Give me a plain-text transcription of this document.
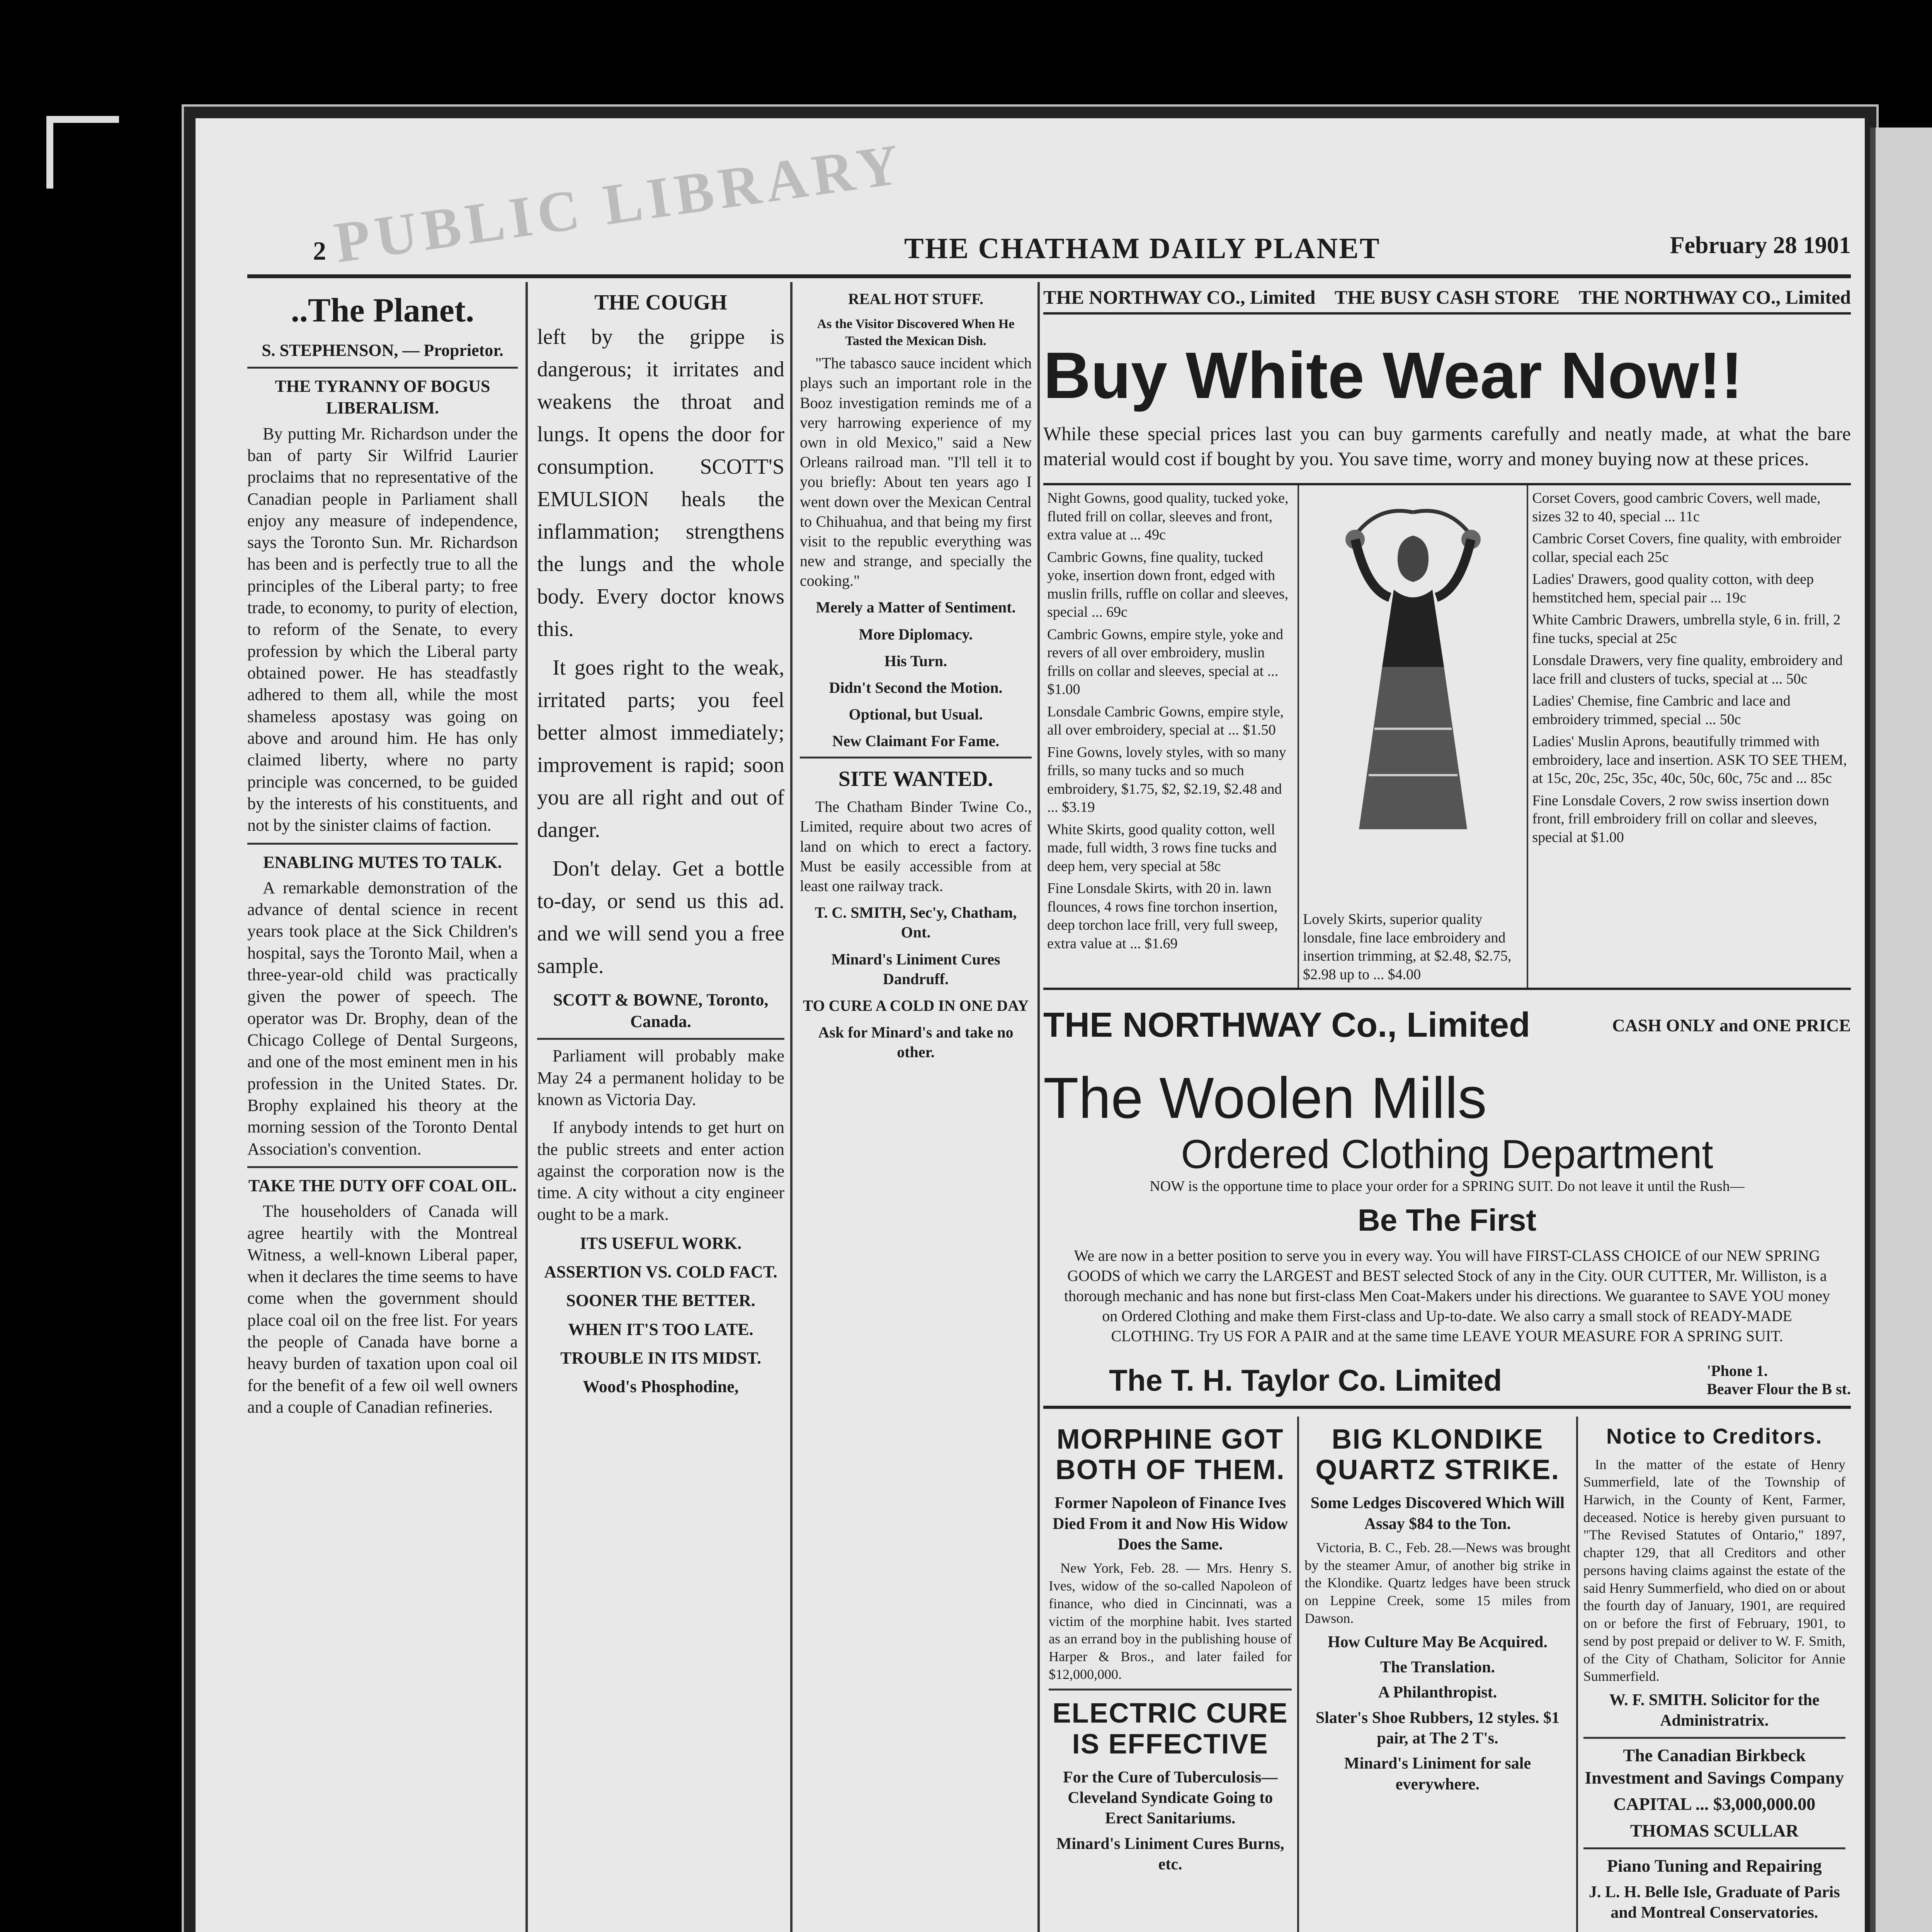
PUBLIC LIBRARY
2	THE CHATHAM DAILY PLANET	February 28 1901
..The Planet.
S. STEPHENSON, — Proprietor.
THE TYRANNY OF BOGUS LIBERALISM.

By putting Mr. Richardson under the ban of party Sir Wilfrid Laurier proclaims that no representative of the Canadian people in Parliament shall enjoy any measure of independence, says the Toronto Sun. Mr. Richardson has been and is perfectly true to all the principles of the Liberal party; to free trade, to economy, to purity of election, to reform of the Senate, to every profession by which the Liberal party obtained power. He has steadfastly adhered to them all, while the most shameless apostasy was going on above and around him. He has only claimed liberty, where no party principle was concerned, to be guided by the interests of his constituents, and not by the sinister claims of faction.

ENABLING MUTES TO TALK.

A remarkable demonstration of the advance of dental science in recent years took place at the Sick Children's hospital, says the Toronto Mail, when a three-year-old child was practically given the power of speech. The operator was Dr. Brophy, dean of the Chicago College of Dental Surgeons, and one of the most eminent men in his profession in the United States. Dr. Brophy explained his theory at the morning session of the Toronto Dental Association's convention.

TAKE THE DUTY OFF COAL OIL.

The householders of Canada will agree heartily with the Montreal Witness, a well-known Liberal paper, when it declares the time seems to have come when the government should place coal oil on the free list. For years the people of Canada have borne a heavy burden of taxation upon coal oil for the benefit of a few oil well owners and a couple of Canadian refineries.

THE COUGH

left by the grippe is dangerous; it irritates and weakens the throat and lungs. It opens the door for consumption. SCOTT'S EMULSION heals the inflammation; strengthens the lungs and the whole body. Every doctor knows this.

It goes right to the weak, irritated parts; you feel better almost immediately; improvement is rapid; soon you are all right and out of danger.

Don't delay. Get a bottle to-day, or send us this ad. and we will send you a free sample.

SCOTT & BOWNE, Toronto, Canada.

Parliament will probably make May 24 a permanent holiday to be known as Victoria Day.

If anybody intends to get hurt on the public streets and enter action against the corporation now is the time. A city without a city engineer ought to be a mark.

ITS USEFUL WORK.
ASSERTION VS. COLD FACT.
SOONER THE BETTER.
WHEN IT'S TOO LATE.
TROUBLE IN ITS MIDST.
Wood's Phosphodine,
REAL HOT STUFF.
As the Visitor Discovered When He Tasted the Mexican Dish.

"The tabasco sauce incident which plays such an important role in the Booz investigation reminds me of a very harrowing experience of my own in old Mexico," said a New Orleans railroad man. "I'll tell it to you briefly: About ten years ago I went down over the Mexican Central to Chihuahua, and that being my first visit to the republic everything was new and strange, and specially the cooking."

Merely a Matter of Sentiment.
More Diplomacy.
His Turn.
Didn't Second the Motion.
Optional, but Usual.
New Claimant For Fame.
SITE WANTED.

The Chatham Binder Twine Co., Limited, require about two acres of land on which to erect a factory. Must be easily accessible from at least one railway track.

T. C. SMITH, Sec'y, Chatham, Ont.
Minard's Liniment Cures Dandruff.
TO CURE A COLD IN ONE DAY
Ask for Minard's and take no other.
THE NORTHWAY CO., Limited THE BUSY CASH STORE THE NORTHWAY CO., Limited
Buy White Wear Now!!
While these special prices last you can buy garments carefully and neatly made, at what the bare material would cost if bought by you. You save time, worry and money buying now at these prices.
Night Gowns, good quality, tucked yoke, fluted frill on collar, sleeves and front, extra value at ... 49c
Cambric Gowns, fine quality, tucked yoke, insertion down front, edged with muslin frills, ruffle on collar and sleeves, special ... 69c
Cambric Gowns, empire style, yoke and revers of all over embroidery, muslin frills on collar and sleeves, special at ... $1.00
Lonsdale Cambric Gowns, empire style, all over embroidery, special at ... $1.50
Fine Gowns, lovely styles, with so many frills, so many tucks and so much embroidery, $1.75, $2, $2.19, $2.48 and ... $3.19
White Skirts, good quality cotton, well made, full width, 3 rows fine tucks and deep hem, very special at 58c
Fine Lonsdale Skirts, with 20 in. lawn flounces, 4 rows fine torchon insertion, deep torchon lace frill, very full sweep, extra value at ... $1.69
Lovely Skirts, superior quality lonsdale, fine lace embroidery and insertion trimming, at $2.48, $2.75, $2.98 up to ... $4.00
Corset Covers, good cambric Covers, well made, sizes 32 to 40, special ... 11c
Cambric Corset Covers, fine quality, with embroider collar, special each 25c
Ladies' Drawers, good quality cotton, with deep hemstitched hem, special pair ... 19c
White Cambric Drawers, umbrella style, 6 in. frill, 2 fine tucks, special at 25c
Lonsdale Drawers, very fine quality, embroidery and lace frill and clusters of tucks, special at ... 50c
Ladies' Chemise, fine Cambric and lace and embroidery trimmed, special ... 50c
Ladies' Muslin Aprons, beautifully trimmed with embroidery, lace and insertion. ASK TO SEE THEM, at 15c, 20c, 25c, 35c, 40c, 50c, 60c, 75c and ... 85c
Fine Lonsdale Covers, 2 row swiss insertion down front, frill embroidery frill on collar and sleeves, special at $1.00
THE NORTHWAY Co., Limited	CASH ONLY and ONE PRICE
The Woolen Mills
Ordered Clothing Department
NOW is the opportune time to place your order for a SPRING SUIT. Do not leave it until the Rush—
Be The First
We are now in a better position to serve you in every way. You will have FIRST-CLASS CHOICE of our NEW SPRING GOODS of which we carry the LARGEST and BEST selected Stock of any in the City. OUR CUTTER, Mr. Williston, is a thorough mechanic and has none but first-class Men Coat-Makers under his directions. We guarantee to SAVE YOU money on Ordered Clothing and make them First-class and Up-to-date. We also carry a small stock of READY-MADE CLOTHING. Try US FOR A PAIR and at the same time LEAVE YOUR MEASURE FOR A SPRING SUIT.
The T. H. Taylor Co. Limited	'Phone 1.
Beaver Flour the B st.
MORPHINE GOT BOTH OF THEM.
Former Napoleon of Finance Ives Died From it and Now His Widow Does the Same.

New York, Feb. 28. — Mrs. Henry S. Ives, widow of the so-called Napoleon of finance, who died in Cincinnati, was a victim of the morphine habit. Ives started as an errand boy in the publishing house of Harper & Bros., and later failed for $12,000,000.

ELECTRIC CURE IS EFFECTIVE
For the Cure of Tuberculosis—Cleveland Syndicate Going to Erect Sanitariums.
Minard's Liniment Cures Burns, etc.
BIG KLONDIKE QUARTZ STRIKE.
Some Ledges Discovered Which Will Assay $84 to the Ton.

Victoria, B. C., Feb. 28.—News was brought by the steamer Amur, of another big strike in the Klondike. Quartz ledges have been struck on Leppine Creek, some 15 miles from Dawson.

How Culture May Be Acquired.
The Translation.
A Philanthropist.
Slater's Shoe Rubbers, 12 styles. $1 pair, at The 2 T's.
Minard's Liniment for sale everywhere.
Notice to Creditors.

In the matter of the estate of Henry Summerfield, late of the Township of Harwich, in the County of Kent, Farmer, deceased. Notice is hereby given pursuant to "The Revised Statutes of Ontario," 1897, chapter 129, that all Creditors and other persons having claims against the estate of the said Henry Summerfield, who died on or about the fourth day of January, 1901, are required on or before the first of February, 1901, to send by post prepaid or deliver to W. F. Smith, of the City of Chatham, Solicitor for Annie Summerfield.

W. F. SMITH. Solicitor for the Administratrix.
The Canadian Birkbeck Investment and Savings Company
CAPITAL ... $3,000,000.00
THOMAS SCULLAR
Piano Tuning and Repairing
J. L. H. Belle Isle, Graduate of Paris and Montreal Conservatories.
